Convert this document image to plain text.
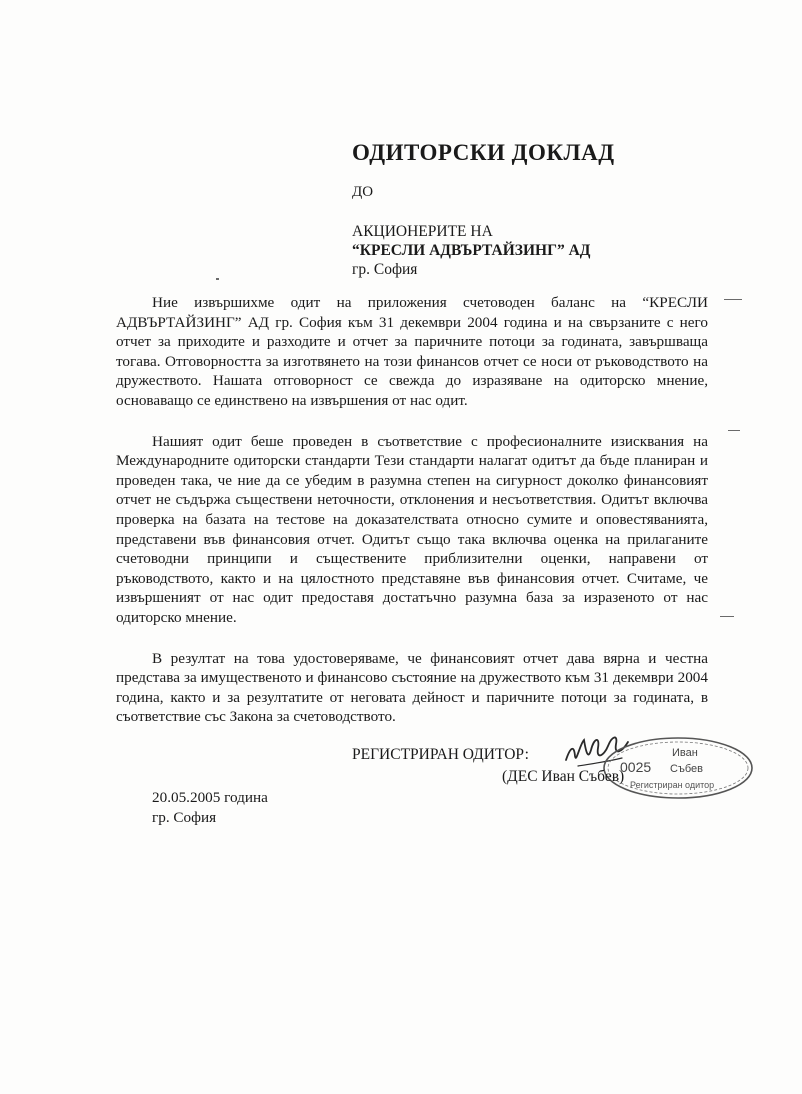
ОДИТОРСКИ ДОКЛАД
ДО
АКЦИОНЕРИТЕ НА
“КРЕСЛИ АДВЪРТАЙЗИНГ” АД
гр. София

Ние извършихме одит на приложения счетоводен баланс на “КРЕСЛИ АДВЪРТАЙЗИНГ” АД гр. София към 31 декември 2004 година и на свързаните с него отчет за приходите и разходите и отчет за паричните потоци за годината, завършваща тогава. Отговорността за изготвянето на този финансов отчет се носи от ръководството на дружеството. Нашата отговорност се свежда до изразяване на одиторско мнение, основаващо се единствено на извършения от нас одит.

Нашият одит беше проведен в съответствие с професионалните изисквания на Международните одиторски стандарти Тези стандарти налагат одитът да бъде планиран и проведен така, че ние да се убедим в разумна степен на сигурност доколко финансовият отчет не съдържа съществени неточности, отклонения и несъответствия. Одитът включва проверка на базата на тестове на доказателствата относно сумите и оповестяванията, представени във финансовия отчет. Одитът също така включва оценка на прилаганите счетоводни принципи и съществените приблизителни оценки, направени от ръководството, както и на цялостното представяне във финансовия отчет. Считаме, че извършеният от нас одит предоставя достатъчно разумна база за изразеното от нас одиторско мнение.

В резултат на това удостоверяваме, че финансовият отчет дава вярна и честна представа за имущественото и финансово състояние на дружеството към 31 декември 2004 година, както и за резултатите от неговата дейност и паричните потоци за годината, в съответствие със Закона за счетоводството.

РЕГИСТРИРАН ОДИТОР:
0025
Иван
Събев
Регистриран одитор
(ДЕС Иван Събев)
20.05.2005 година
гр. София
